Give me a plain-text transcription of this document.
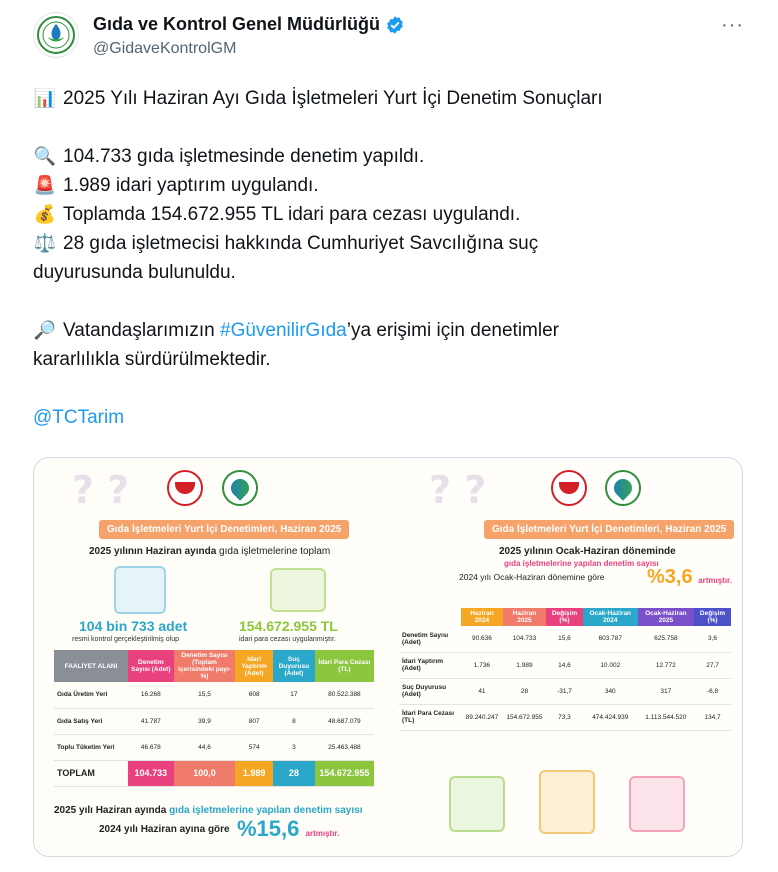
Gıda ve Kontrol Genel Müdürlüğü
@GidaveKontrolGM
···

📊 2025 Yılı Haziran Ayı Gıda İşletmeleri Yurt İçi Denetim Sonuçları

🔍 104.733 gıda işletmesinde denetim yapıldı.

🚨 1.989 idari yaptırım uygulandı.

💰 Toplamda 154.672.955 TL idari para cezası uygulandı.

⚖️ 28 gıda işletmecisi hakkında Cumhuriyet Savcılığına suç

duyurusunda bulunuldu.

🔎 Vatandaşlarımızın #GüvenilirGıda’ya erişimi için denetimler

kararlılıkla sürdürülmektedir.

@TCTarim

? ?
Gıda İşletmeleri Yurt İçi Denetimleri, Haziran 2025
2025 yılının Haziran ayında gıda işletmelerine toplam
104 bin 733 adet
resmi kontrol gerçekleştirilmiş olup
154.672.955 TL
idari para cezası uygulanmıştır.
FAALİYET ALANI	Denetim Sayısı (Adet)	Denetim Sayısı (Toplam içerisindeki payı-%)	İdari Yaptırım (Adet)	Suç Duyurusu (Adet)	İdari Para Cezası (TL)
Gıda Üretim Yeri	16.268	15,5	608	17	80.522.388
Gıda Satış Yeri	41.787	39,9	807	8	48.687.079
Toplu Tüketim Yeri	46.678	44,6	574	3	25.463.488
TOPLAM	104.733	100,0	1.989	28	154.672.955
2025 yılı Haziran ayında gıda işletmelerine yapılan denetim sayısı
2024 yılı Haziran ayına göre %15,6 artmıştır.
? ?
Gıda İşletmeleri Yurt İçi Denetimleri, Haziran 2025
2025 yılının Ocak-Haziran döneminde
gıda işletmelerine yapılan denetim sayısı
2024 yılı Ocak-Haziran dönemine göre %3,6 artmıştır.
	Haziran 2024	Haziran 2025	Değişim (%)	Ocak-Haziran 2024	Ocak-Haziran 2025	Değişim (%)
Denetim Sayısı (Adet)	90.636	104.733	15,6	603.787	625.758	3,6
İdari Yaptırım (Adet)	1.736	1.989	14,6	10.002	12.772	27,7
Suç Duyurusu (Adet)	41	28	-31,7	340	317	-6,8
İdari Para Cezası (TL)	89.240.247	154.672.955	73,3	474.424.939	1.113.544.520	134,7
